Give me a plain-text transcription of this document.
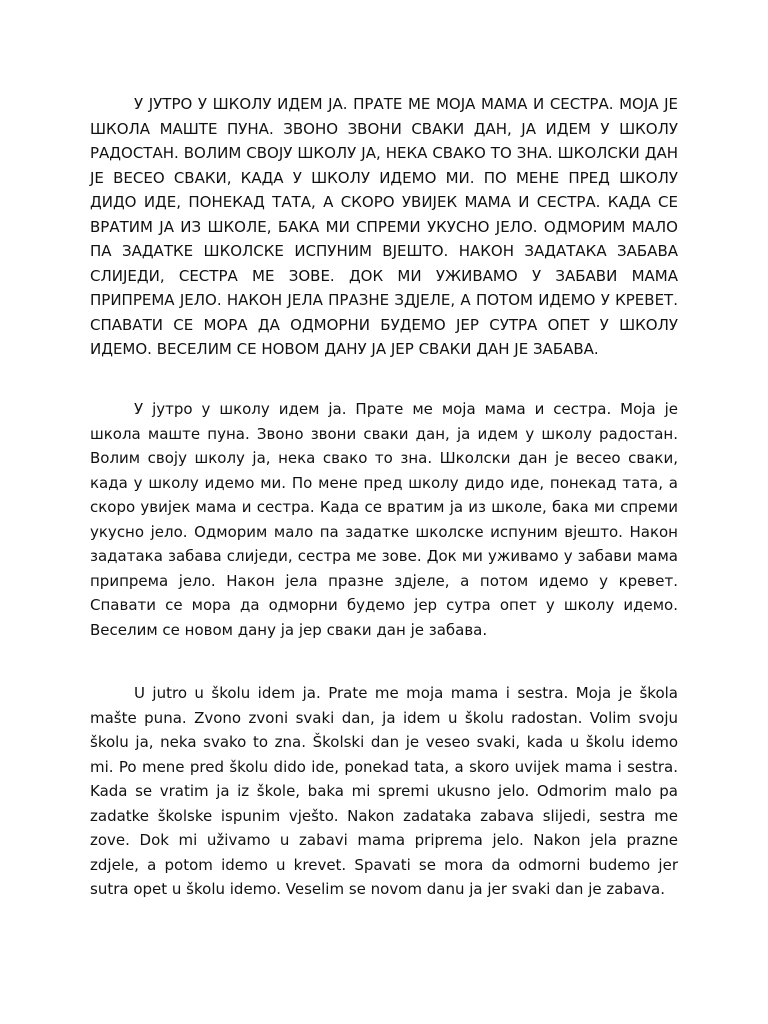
У ЈУТРО У ШКОЛУ ИДЕМ ЈА. ПРАТЕ МЕ МОЈА МАМА И СЕСТРА. МОЈА ЈЕ ШКОЛА МАШТЕ ПУНА. ЗВОНО ЗВОНИ СВАКИ ДАН, ЈА ИДЕМ У ШКОЛУ РАДОСТАН. ВОЛИМ СВОЈУ ШКОЛУ ЈА, НЕКА СВАКО ТО ЗНА. ШКОЛСКИ ДАН ЈЕ ВЕСЕО СВАКИ, КАДА У ШКОЛУ ИДЕМО МИ. ПО МЕНЕ ПРЕД ШКОЛУ ДИДО ИДЕ, ПОНЕКАД ТАТА, А СКОРО УВИЈЕК МАМА И СЕСТРА. КАДА СЕ ВРАТИМ ЈА ИЗ ШКОЛЕ, БАКА МИ СПРЕМИ УКУСНО ЈЕЛО. ОДМОРИМ МАЛО ПА ЗАДАТКЕ ШКОЛСКЕ ИСПУНИМ ВЈЕШТО. НАКОН ЗАДАТАКА ЗАБАВА СЛИЈЕДИ, СЕСТРА МЕ ЗОВЕ. ДОК МИ УЖИВАМО У ЗАБАВИ МАМА ПРИПРЕМА ЈЕЛО. НАКОН ЈЕЛА ПРАЗНЕ ЗДЈЕЛЕ, А ПОТОМ ИДЕМО У КРЕВЕТ. СПАВАТИ СЕ МОРА ДА ОДМОРНИ БУДЕМО ЈЕР СУТРА ОПЕТ У ШКОЛУ ИДЕМО. ВЕСЕЛИМ СЕ НОВОМ ДАНУ ЈА ЈЕР СВАКИ ДАН ЈЕ ЗАБАВА.

У јутро у школу идем ја. Прате ме моја мама и сестра. Моја је школа маште пуна. Звоно звони сваки дан, ја идем у школу радостан. Волим своју школу ја, нека свако то зна. Школски дан је весео сваки, када у школу идемо ми. По мене пред школу дидо иде, понекад тата, а скоро увијек мама и сестра. Када се вратим ја из школе, бака ми спреми укусно јело. Одморим мало па задатке школске испуним вјешто. Након задатака забава слиједи, сестра ме зове. Док ми уживамо у забави мама припрема јело. Након јела празне здјеле, а потом идемо у кревет. Спавати се мора да одморни будемо јер сутра опет у школу идемо. Веселим се новом дану ја јер сваки дан је забава.

U jutro u školu idem ja. Prate me moja mama i sestra. Moja je škola mašte puna. Zvono zvoni svaki dan, ja idem u školu radostan. Volim svoju školu ja, neka svako to zna. Školski dan je veseo svaki, kada u školu idemo mi. Po mene pred školu dido ide, ponekad tata, a skoro uvijek mama i sestra. Kada se vratim ja iz škole, baka mi spremi ukusno jelo. Odmorim malo pa zadatke školske ispunim vješto. Nakon zadataka zabava slijedi, sestra me zove. Dok mi uživamo u zabavi mama priprema jelo. Nakon jela prazne zdjele, a potom idemo u krevet. Spavati se mora da odmorni budemo jer sutra opet u školu idemo. Veselim se novom danu ja jer svaki dan je zabava.
